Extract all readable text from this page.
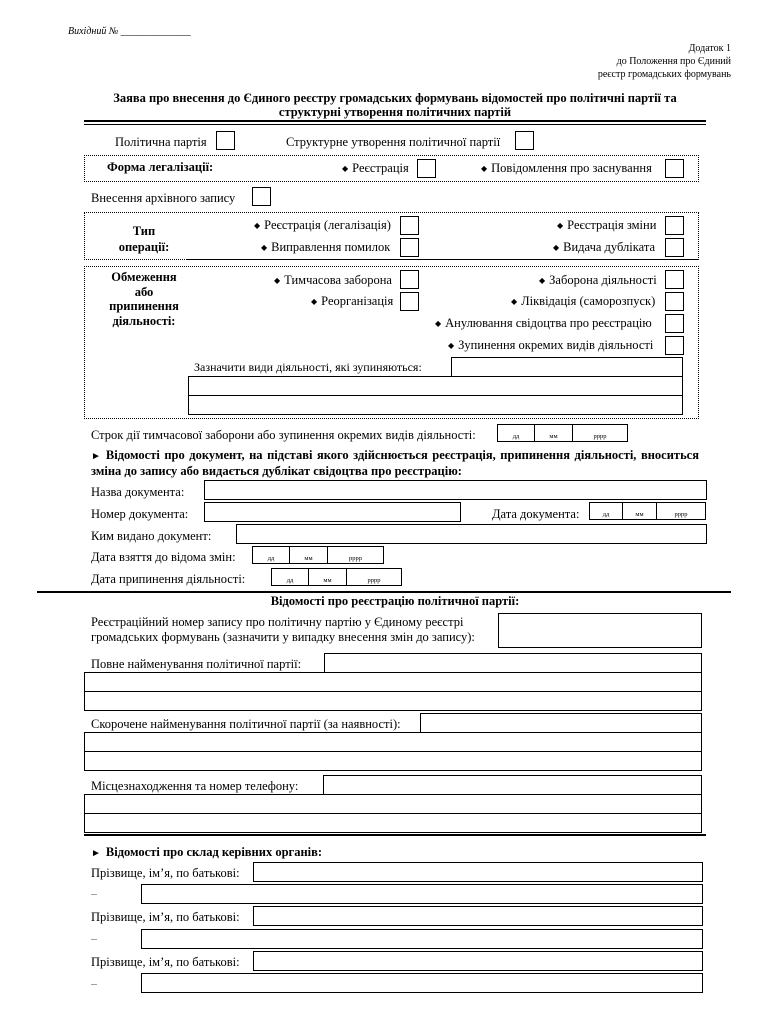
Вихідний № ______________
Додаток 1
до Положення про Єдиний
реєстр громадських формувань
Заява про внесення до Єдиного реєстру громадських формувань відомостей про політичні партії та
структурні утворення політичних партій
Політична партія	Структурне утворення політичної партії
Форма легалізації:	◆ Реєстрація	◆ Повідомлення про заснування
Внесення архівного запису
Тип
операції:
◆ Реєстрація (легалізація)	◆ Реєстрація зміни
◆ Виправлення помилок	◆ Видача дубліката
Обмеження
або
припинення
діяльності:
◆ Тимчасова заборона	◆ Заборона діяльності
◆ Реорганізація	◆ Ліквідація (саморозпуск)
◆ Анулювання свідоцтва про реєстрацію
◆ Зупинення окремих видів діяльності
Зазначити види діяльності, які зупиняються:
Строк дії тимчасової заборони або зупинення окремих видів діяльності:	дд	мм	рррр
► Відомості про документ, на підставі якого здійснюється реєстрація, припинення діяльності, вноситься зміна до запису або видається дублікат свідоцтва про реєстрацію:
Назва документа:
Номер документа:	Дата документа:	дд	мм	рррр
Ким видано документ:
Дата взяття до відома змін:	дд	мм	рррр
Дата припинення діяльності:	дд	мм	рррр
Відомості про реєстрацію політичної партії:
Реєстраційний номер запису про політичну партію у Єдиному реєстрі
громадських формувань (зазначити у випадку внесення змін до запису):
Повне найменування політичної партії:
Скорочене найменування політичної партії (за наявності):
Місцезнаходження та номер телефону:
► Відомості про склад керівних органів:
Прізвище, ім’я, по батькові:
...
Прізвище, ім’я, по батькові:
...
Прізвище, ім’я, по батькові:
...
